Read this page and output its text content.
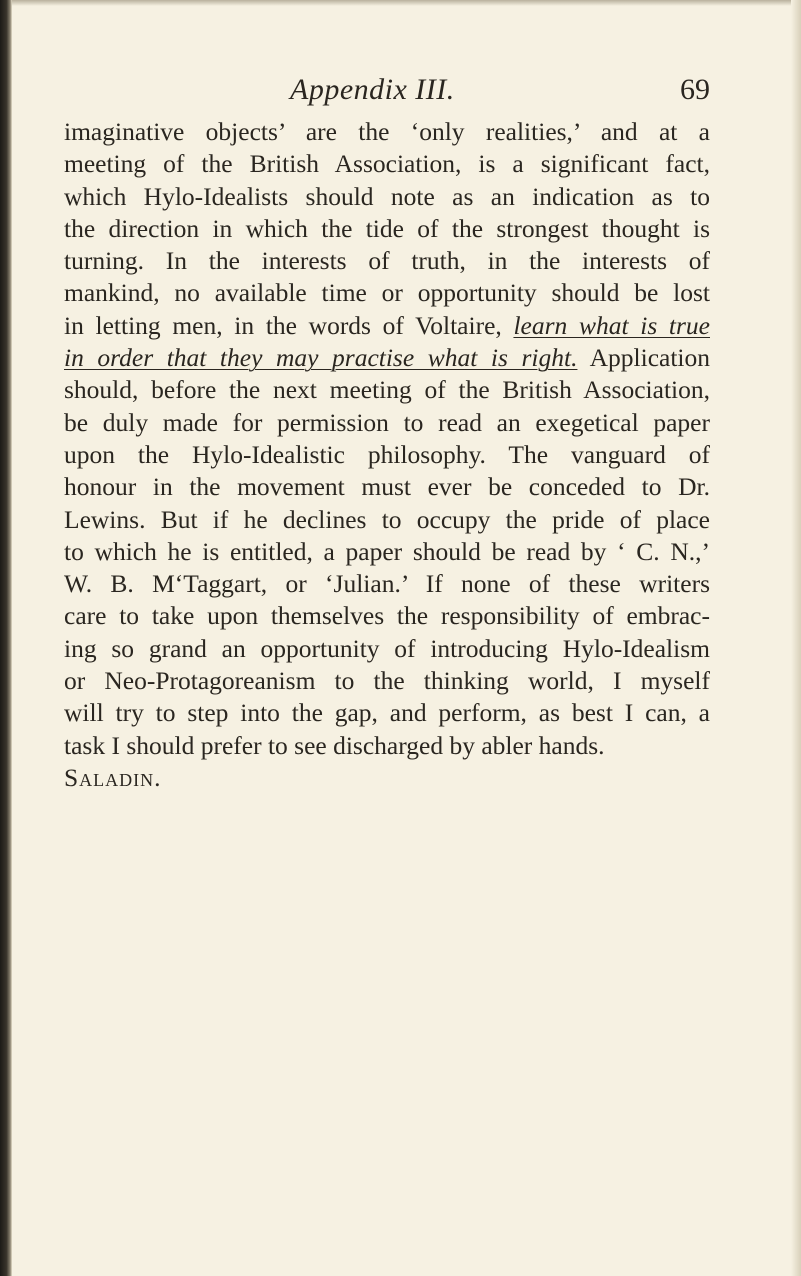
Appendix III.	69
imaginative objects’ are the ‘only realities,’ and at a
meeting of the British Association, is a significant fact,
which Hylo-Idealists should note as an indication as to
the direction in which the tide of the strongest thought is
turning. In the interests of truth, in the interests of
mankind, no available time or opportunity should be lost
in letting men, in the words of Voltaire, learn what is true
in order that they may practise what is right. Application
should, before the next meeting of the British Association,
be duly made for permission to read an exegetical paper
upon the Hylo-Idealistic philosophy. The vanguard of
honour in the movement must ever be conceded to Dr.
Lewins. But if he declines to occupy the pride of place
to which he is entitled, a paper should be read by ‘ C. N.,’
W. B. M‘Taggart, or ‘Julian.’ If none of these writers
care to take upon themselves the responsibility of embrac-
ing so grand an opportunity of introducing Hylo-Idealism
or Neo-Protagoreanism to the thinking world, I myself
will try to step into the gap, and perform, as best I can, a
task I should prefer to see discharged by abler hands.
Saladin.
